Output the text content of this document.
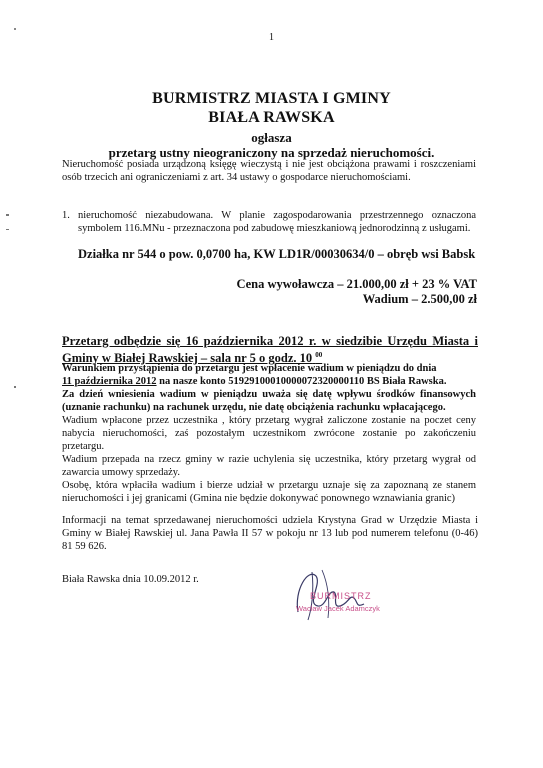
1
BURMISTRZ MIASTA I GMINY
BIAŁA RAWSKA
ogłasza
przetarg ustny nieograniczony na sprzedaż nieruchomości.
Nieruchomość posiada urządzoną księgę wieczystą i nie jest obciążona prawami i roszczeniami osób trzecich ani ograniczeniami z art. 34 ustawy o gospodarce nieruchomościami.
1. nieruchomość niezabudowana. W planie zagospodarowania przestrzennego oznaczona symbolem 116.MNu - przeznaczona pod zabudowę mieszkaniową jednorodzinną z usługami.
Działka nr 544 o pow. 0,0700 ha, KW LD1R/00030634/0 – obręb wsi Babsk
Cena wywoławcza – 21.000,00 zł + 23 % VAT
Wadium – 2.500,00 zł
Przetarg odbędzie się 16 października 2012 r. w siedzibie Urzędu Miasta i Gminy w Białej Rawskiej – sala nr 5 o godz. 10 $^{00}$
Warunkiem przystąpienia do przetargu jest wpłacenie wadium w pieniądzu do dnia
11 października 2012 na nasze konto 51929100010000072320000110 BS Biała Rawska.
Za dzień wniesienia wadium w pieniądzu uważa się datę wpływu środków finansowych (uznanie rachunku) na rachunek urzędu, nie datę obciążenia rachunku wpłacającego.
Wadium wpłacone przez uczestnika , który przetarg wygrał zaliczone zostanie na poczet ceny nabycia nieruchomości, zaś pozostałym uczestnikom zwrócone zostanie po zakończeniu przetargu.
Wadium przepada na rzecz gminy w razie uchylenia się uczestnika, który przetarg wygrał od zawarcia umowy sprzedaży.
Osobę, która wpłaciła wadium i bierze udział w przetargu uznaje się za zapoznaną ze stanem nieruchomości i jej granicami (Gmina nie będzie dokonywać ponownego wznawiania granic)
Informacji na temat sprzedawanej nieruchomości udziela Krystyna Grad w Urzędzie Miasta i Gminy w Białej Rawskiej ul. Jana Pawła II 57 w pokoju nr 13 lub pod numerem telefonu (0-46) 81 59 626.
Biała Rawska dnia 10.09.2012 r.
BURMISTRZ
Wacław Jacek Adamczyk
